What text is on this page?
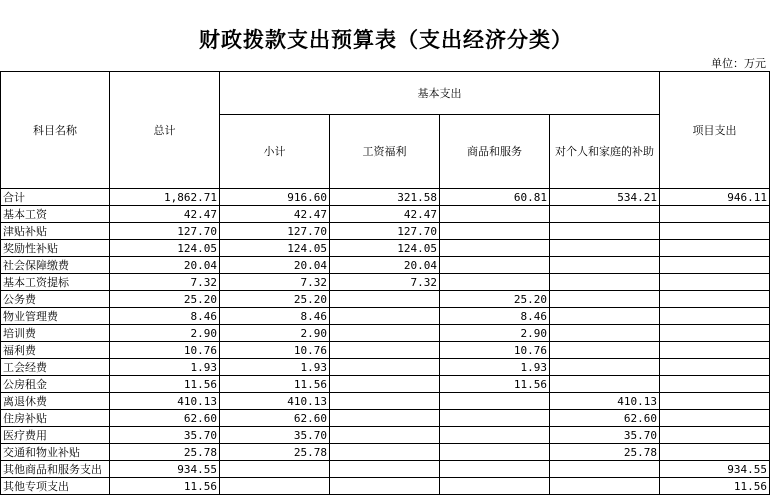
财政拨款支出预算表（支出经济分类）
单位：万元
科目名称	总计	基本支出				项目支出
		小计	工资福利	商品和服务	对个人和家庭的补助	
合计	1,862.71	916.60	321.58	60.81	534.21	946.11
基本工资	42.47	42.47	42.47			
津贴补贴	127.70	127.70	127.70			
奖励性补贴	124.05	124.05	124.05			
社会保障缴费	20.04	20.04	20.04			
基本工资提标	7.32	7.32	7.32			
公务费	25.20	25.20		25.20		
物业管理费	8.46	8.46		8.46		
培训费	2.90	2.90		2.90		
福利费	10.76	10.76		10.76		
工会经费	1.93	1.93		1.93		
公房租金	11.56	11.56		11.56		
离退休费	410.13	410.13			410.13	
住房补贴	62.60	62.60			62.60	
医疗费用	35.70	35.70			35.70	
交通和物业补贴	25.78	25.78			25.78	
其他商品和服务支出	934.55					934.55
其他专项支出	11.56					11.56
